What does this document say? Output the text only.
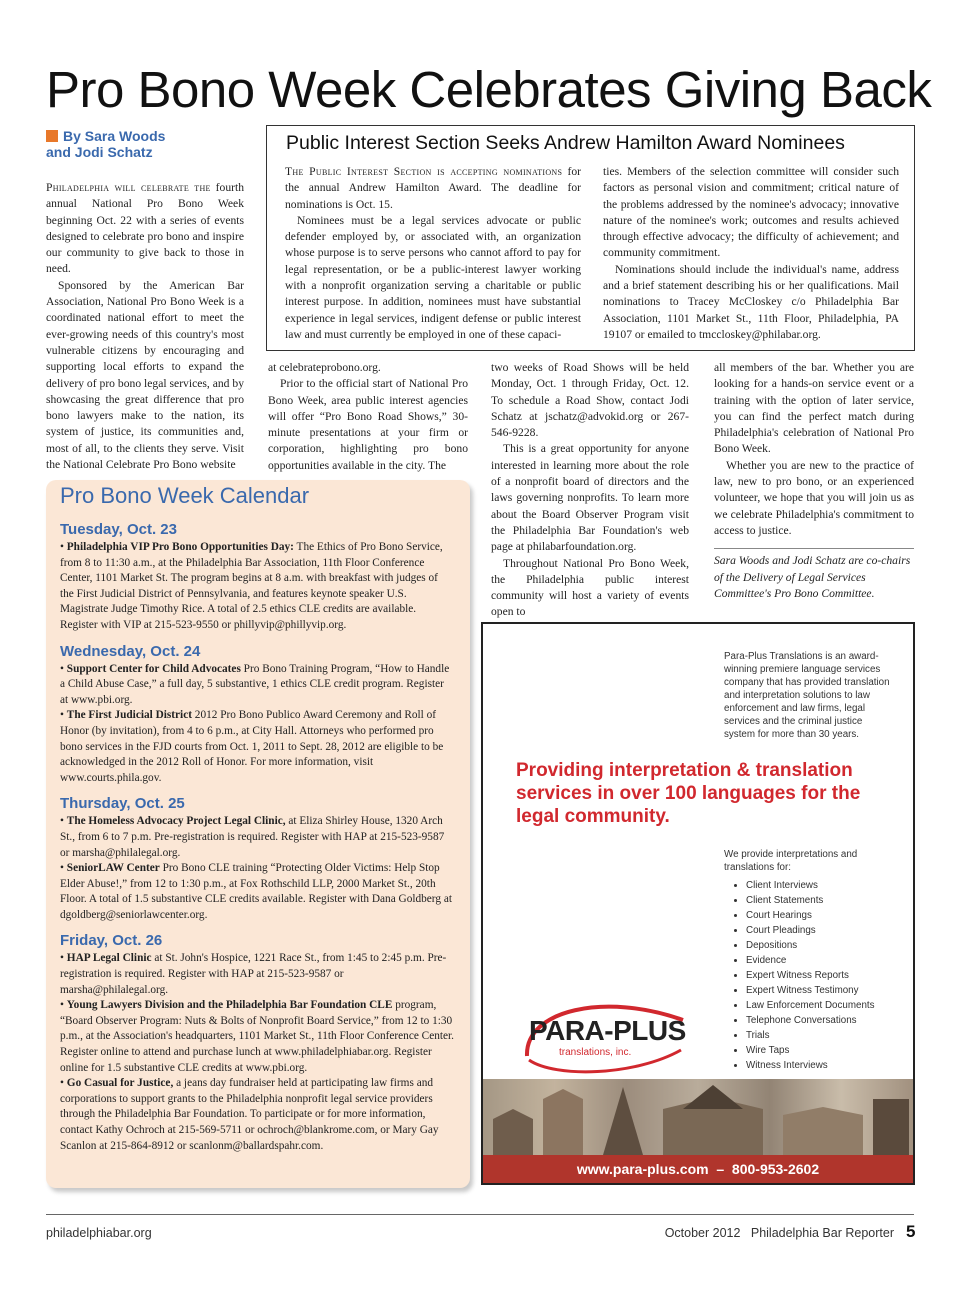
Pro Bono Week Celebrates Giving Back
By Sara Woods
and Jodi Schatz

Philadelphia will celebrate the fourth annual National Pro Bono Week beginning Oct. 22 with a series of events designed to celebrate pro bono and inspire our community to give back to those in need.

Sponsored by the American Bar Association, National Pro Bono Week is a coordinated national effort to meet the ever-growing needs of this country's most vulnerable citizens by encouraging and supporting local efforts to expand the delivery of pro bono legal services, and by showcasing the great difference that pro bono lawyers make to the nation, its system of justice, its communities and, most of all, to the clients they serve. Visit the National Celebrate Pro Bono website

Public Interest Section Seeks Andrew Hamilton Award Nominees

The Public Interest Section is accepting nominations for the annual Andrew Hamilton Award. The deadline for nominations is Oct. 15.

Nominees must be a legal services advocate or public defender employed by, or associated with, an organization whose purpose is to serve persons who cannot afford to pay for legal representation, or be a public-interest lawyer working with a nonprofit organization serving a charitable or public interest purpose. In addition, nominees must have substantial experience in legal services, indigent defense or public interest law and must currently be employed in one of these capaci-

ties. Members of the selection committee will consider such factors as personal vision and commitment; critical nature of the problems addressed by the nominee's advocacy; innovative nature of the nominee's work; outcomes and results achieved through effective advocacy; the difficulty of achievement; and community commitment.

Nominations should include the individual's name, address and a brief statement describing his or her qualifications. Mail nominations to Tracey McCloskey c/o Philadelphia Bar Association, 1101 Market St., 11th Floor, Philadelphia, PA 19107 or emailed to tmccloskey@philabar.org.

at celebrateprobono.org.

Prior to the official start of National Pro Bono Week, area public interest agencies will offer “Pro Bono Road Shows,” 30-minute presentations at your firm or corporation, highlighting pro bono opportunities available in the city. The

two weeks of Road Shows will be held Monday, Oct. 1 through Friday, Oct. 12. To schedule a Road Show, contact Jodi Schatz at jschatz@advokid.org or 267-546-9228.

This is a great opportunity for anyone interested in learning more about the role of a nonprofit board of directors and the laws governing nonprofits. To learn more about the Board Observer Program visit the Philadelphia Bar Foundation's web page at philabarfoundation.org.

Throughout National Pro Bono Week, the Philadelphia public interest community will host a variety of events open to

all members of the bar. Whether you are looking for a hands-on service event or a training with the option of later service, you can find the perfect match during Philadelphia's celebration of National Pro Bono Week.

Whether you are new to the practice of law, new to pro bono, or an experienced volunteer, we hope that you will join us as we celebrate Philadelphia's commitment to access to justice.

Sara Woods and Jodi Schatz are co-chairs of the Delivery of Legal Services Committee's Pro Bono Committee.
Pro Bono Week Calendar
Tuesday, Oct. 23
• Philadelphia VIP Pro Bono Opportunities Day: The Ethics of Pro Bono Service, from 8 to 11:30 a.m., at the Philadelphia Bar Association, 11th Floor Conference Center, 1101 Market St. The program begins at 8 a.m. with breakfast with judges of the First Judicial District of Pennsylvania, and features keynote speaker U.S. Magistrate Judge Timothy Rice. A total of 2.5 ethics CLE credits are available. Register with VIP at 215-523-9550 or phillyvip@phillyvip.org.
Wednesday, Oct. 24
• Support Center for Child Advocates Pro Bono Training Program, “How to Handle a Child Abuse Case,” a full day, 5 substantive, 1 ethics CLE credit program. Register at www.pbi.org.
• The First Judicial District 2012 Pro Bono Publico Award Ceremony and Roll of Honor (by invitation), from 4 to 6 p.m., at City Hall. Attorneys who performed pro bono services in the FJD courts from Oct. 1, 2011 to Sept. 28, 2012 are eligible to be acknowledged in the 2012 Roll of Honor. For more information, visit www.courts.phila.gov.
Thursday, Oct. 25
• The Homeless Advocacy Project Legal Clinic, at Eliza Shirley House, 1320 Arch St., from 6 to 7 p.m. Pre-registration is required. Register with HAP at 215-523-9587 or marsha@philalegal.org.
• SeniorLAW Center Pro Bono CLE training “Protecting Older Victims: Help Stop Elder Abuse!,” from 12 to 1:30 p.m., at Fox Rothschild LLP, 2000 Market St., 20th Floor. A total of 1.5 substantive CLE credits available. Register with Dana Goldberg at dgoldberg@seniorlawcenter.org.
Friday, Oct. 26
• HAP Legal Clinic at St. John's Hospice, 1221 Race St., from 1:45 to 2:45 p.m. Pre-registration is required. Register with HAP at 215-523-9587 or marsha@philalegal.org.
• Young Lawyers Division and the Philadelphia Bar Foundation CLE program, “Board Observer Program: Nuts & Bolts of Nonprofit Board Service,” from 12 to 1:30 p.m., at the Association's headquarters, 1101 Market St., 11th Floor Conference Center. Register online to attend and purchase lunch at www.philadelphiabar.org. Register online for 1.5 substantive CLE credits at www.pbi.org.
• Go Casual for Justice, a jeans day fundraiser held at participating law firms and corporations to support grants to the Philadelphia nonprofit legal service providers through the Philadelphia Bar Foundation. To participate or for more information, contact Kathy Ochroch at 215-569-5711 or ochroch@blankrome.com, or Mary Gay Scanlon at 215-864-8912 or scanlonm@ballardspahr.com.
Para-Plus Translations is an award-winning premiere language services company that has provided translation and interpretation solutions to law enforcement and law firms, legal services and the criminal justice system for more than 30 years.
Providing interpretation & translation services in over 100 languages for the legal community.
We provide interpretations and translations for:
• Client Interviews
• Client Statements
• Court Hearings
• Court Pleadings
• Depositions
• Evidence
• Expert Witness Reports
• Expert Witness Testimony
• Law Enforcement Documents
• Telephone Conversations
• Trials
• Wire Taps
• Witness Interviews
PARA-PLUS
translations, inc.
www.para-plus.com  –  800-953-2602
philadelphiabar.org	October 2012   Philadelphia Bar Reporter 5
